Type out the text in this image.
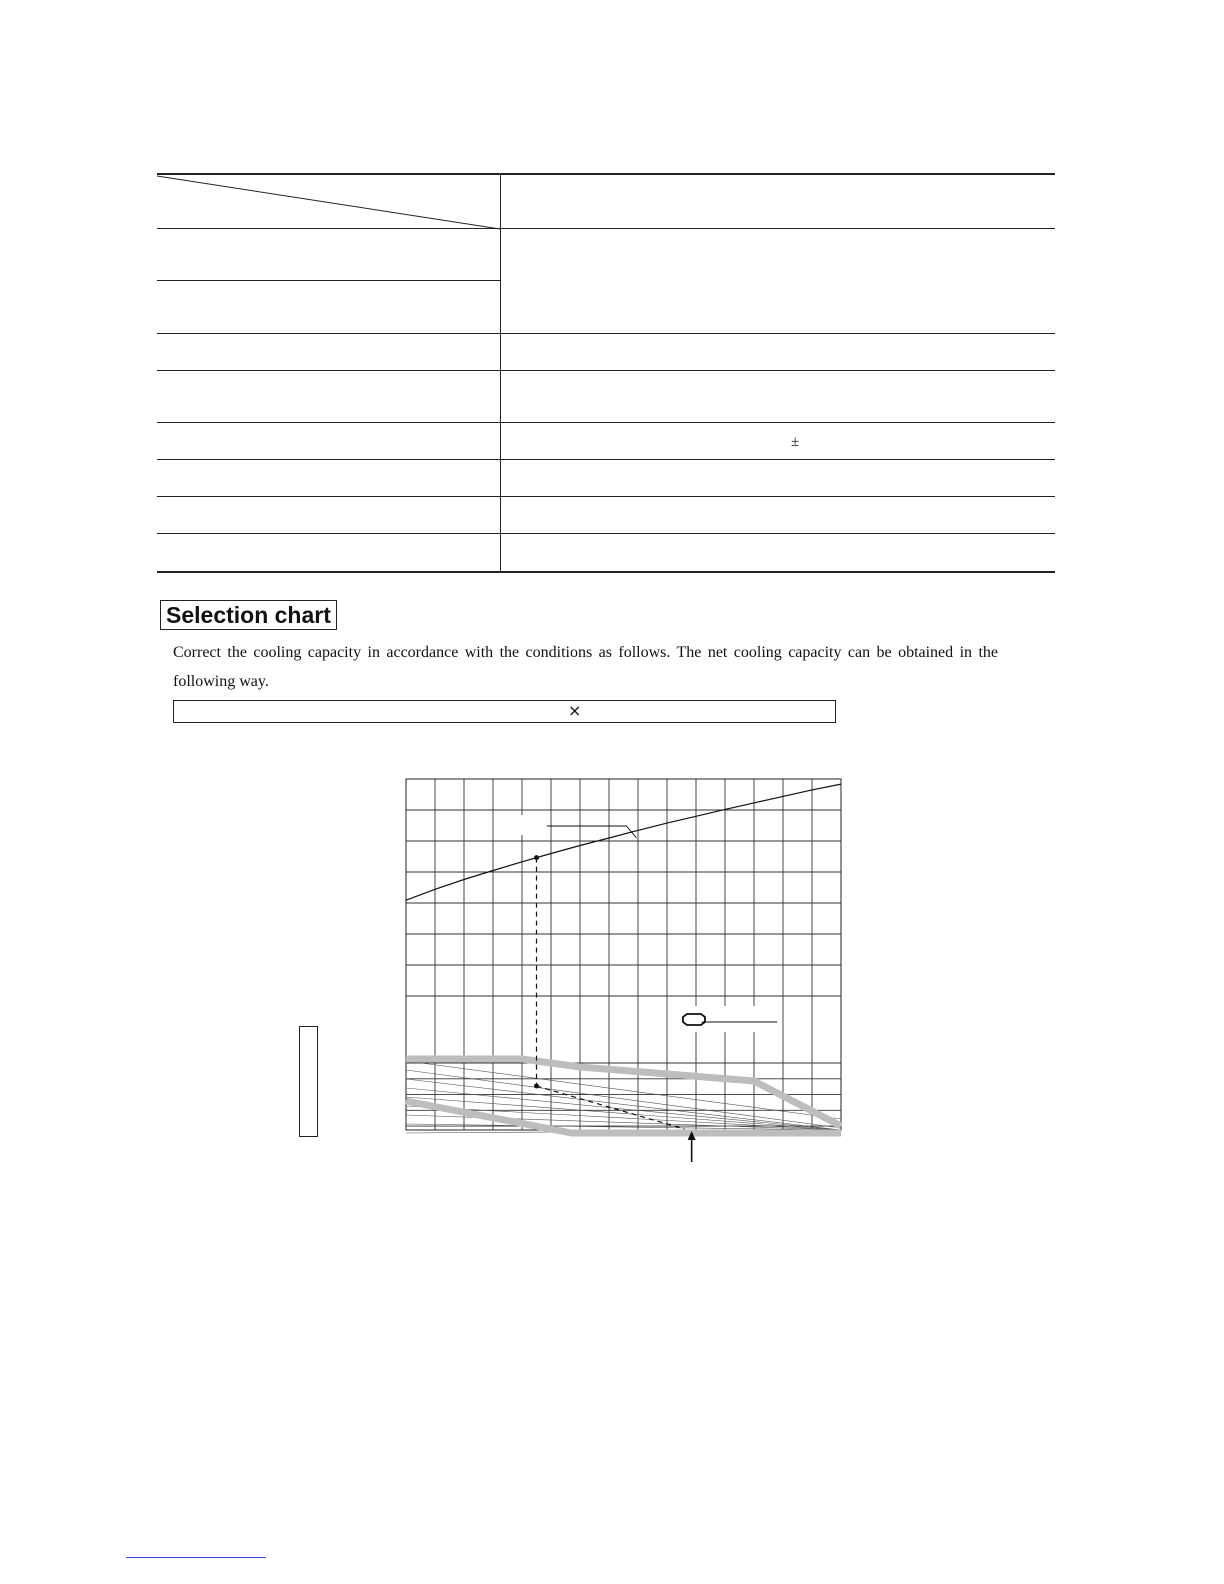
±
Selection chart

Correct the cooling capacity in accordance with the conditions as follows. The net cooling capacity can be obtained in the following way.

×
